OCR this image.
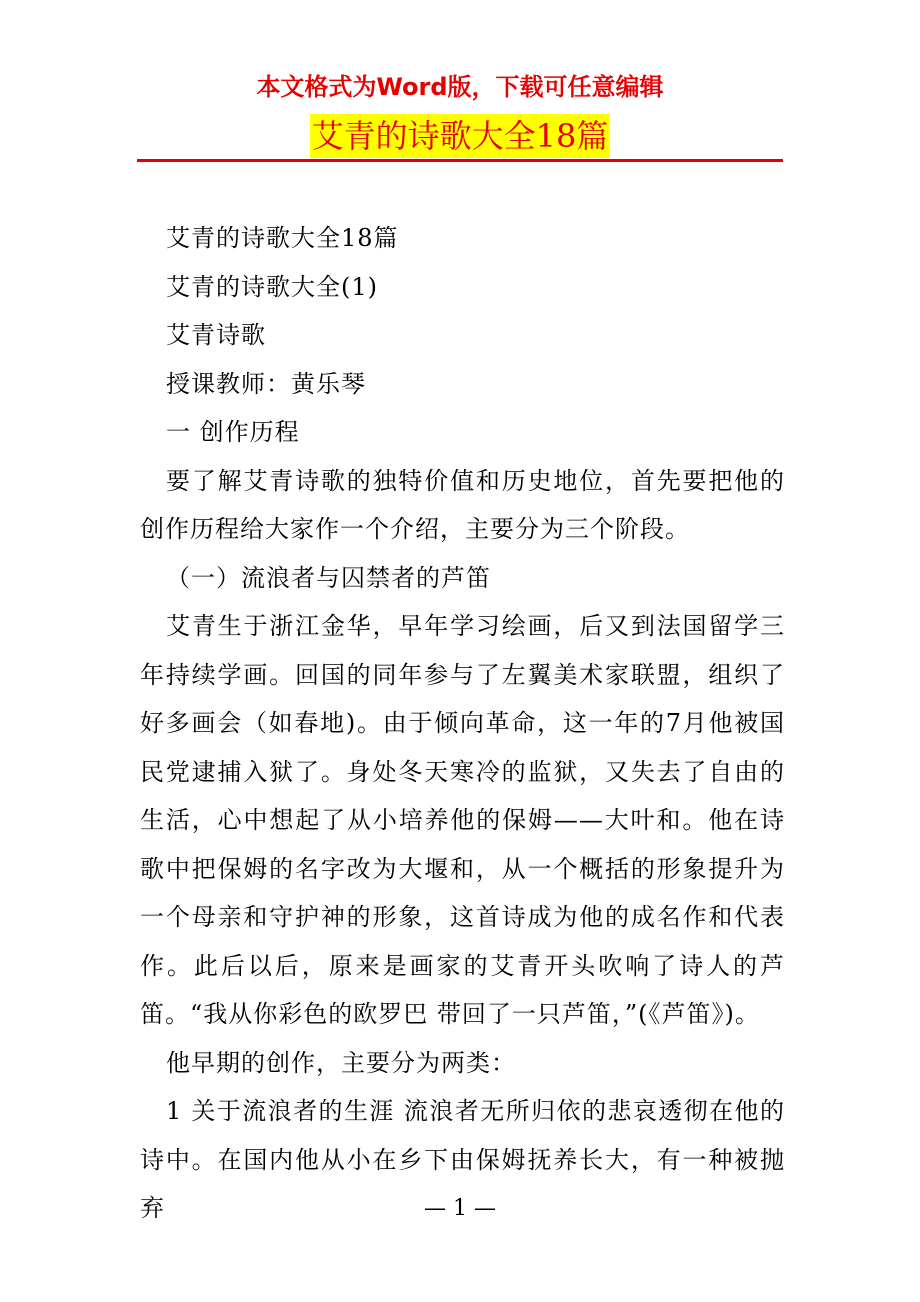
本文格式为Word版，下载可任意编辑
艾青的诗歌大全18篇

艾青的诗歌大全18篇

艾青的诗歌大全(1)

艾青诗歌

授课教师：黄乐琴

一 创作历程

要了解艾青诗歌的独特价值和历史地位，首先要把他的创作历程给大家作一个介绍，主要分为三个阶段。

（一）流浪者与囚禁者的芦笛

艾青生于浙江金华，早年学习绘画，后又到法国留学三年持续学画。回国的同年参与了左翼美术家联盟，组织了好多画会（如春地)。由于倾向革命，这一年的7月他被国民党逮捕入狱了。身处冬天寒冷的监狱，又失去了自由的生活，心中想起了从小培养他的保姆——大叶和。他在诗歌中把保姆的名字改为大堰和，从一个概括的形象提升为一个母亲和守护神的形象，这首诗成为他的成名作和代表作。此后以后，原来是画家的艾青开头吹响了诗人的芦笛。“我从你彩色的欧罗巴 带回了一只芦笛，”(《芦笛》)。

他早期的创作，主要分为两类：

1 关于流浪者的生涯 流浪者无所归依的悲哀透彻在他的诗中。在国内他从小在乡下由保姆抚养长大，有一种被抛弃	— 1 —
